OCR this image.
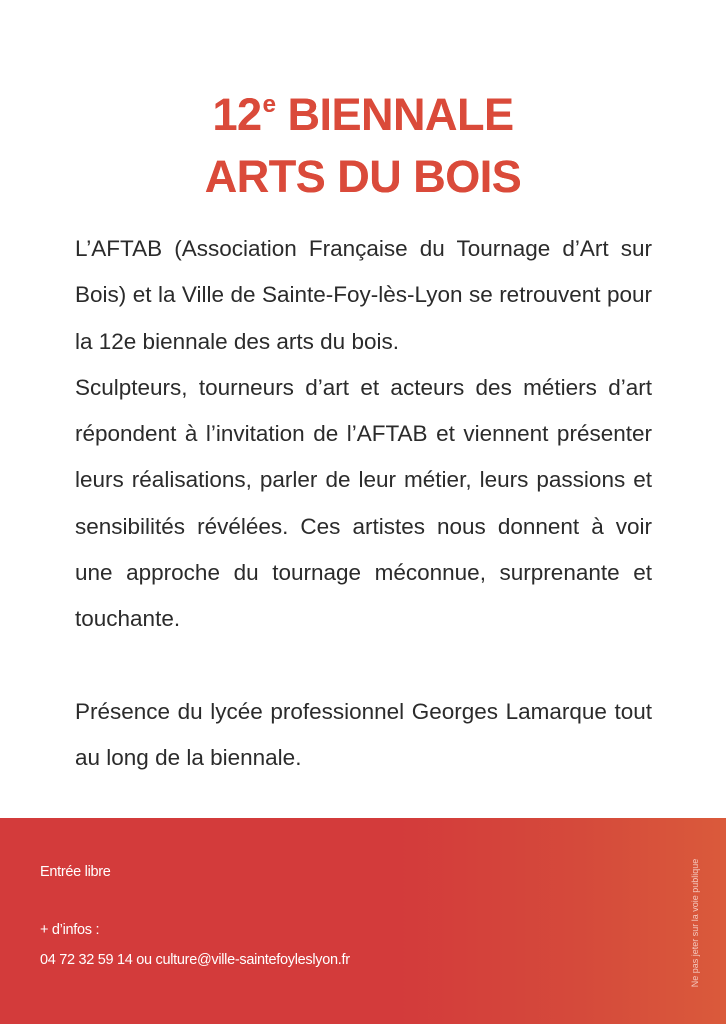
12e BIENNALE
ARTS DU BOIS

L’AFTAB (Association Française du Tournage d’Art sur Bois) et la Ville de Sainte-Foy-lès-Lyon se retrouvent pour la 12e biennale des arts du bois.

Sculpteurs, tourneurs d’art et acteurs des métiers d’art répondent à l’invitation de l’AFTAB et viennent présenter leurs réalisations, parler de leur métier, leurs passions et sensibilités révélées. Ces artistes nous donnent à voir une approche du tournage méconnue, surprenante et touchante.

Présence du lycée professionnel Georges Lamarque tout au long de la biennale.

Entrée libre
+ d’infos :
04 72 32 59 14 ou culture@ville-saintefoyleslyon.fr	Ne pas jeter sur la voie publique
